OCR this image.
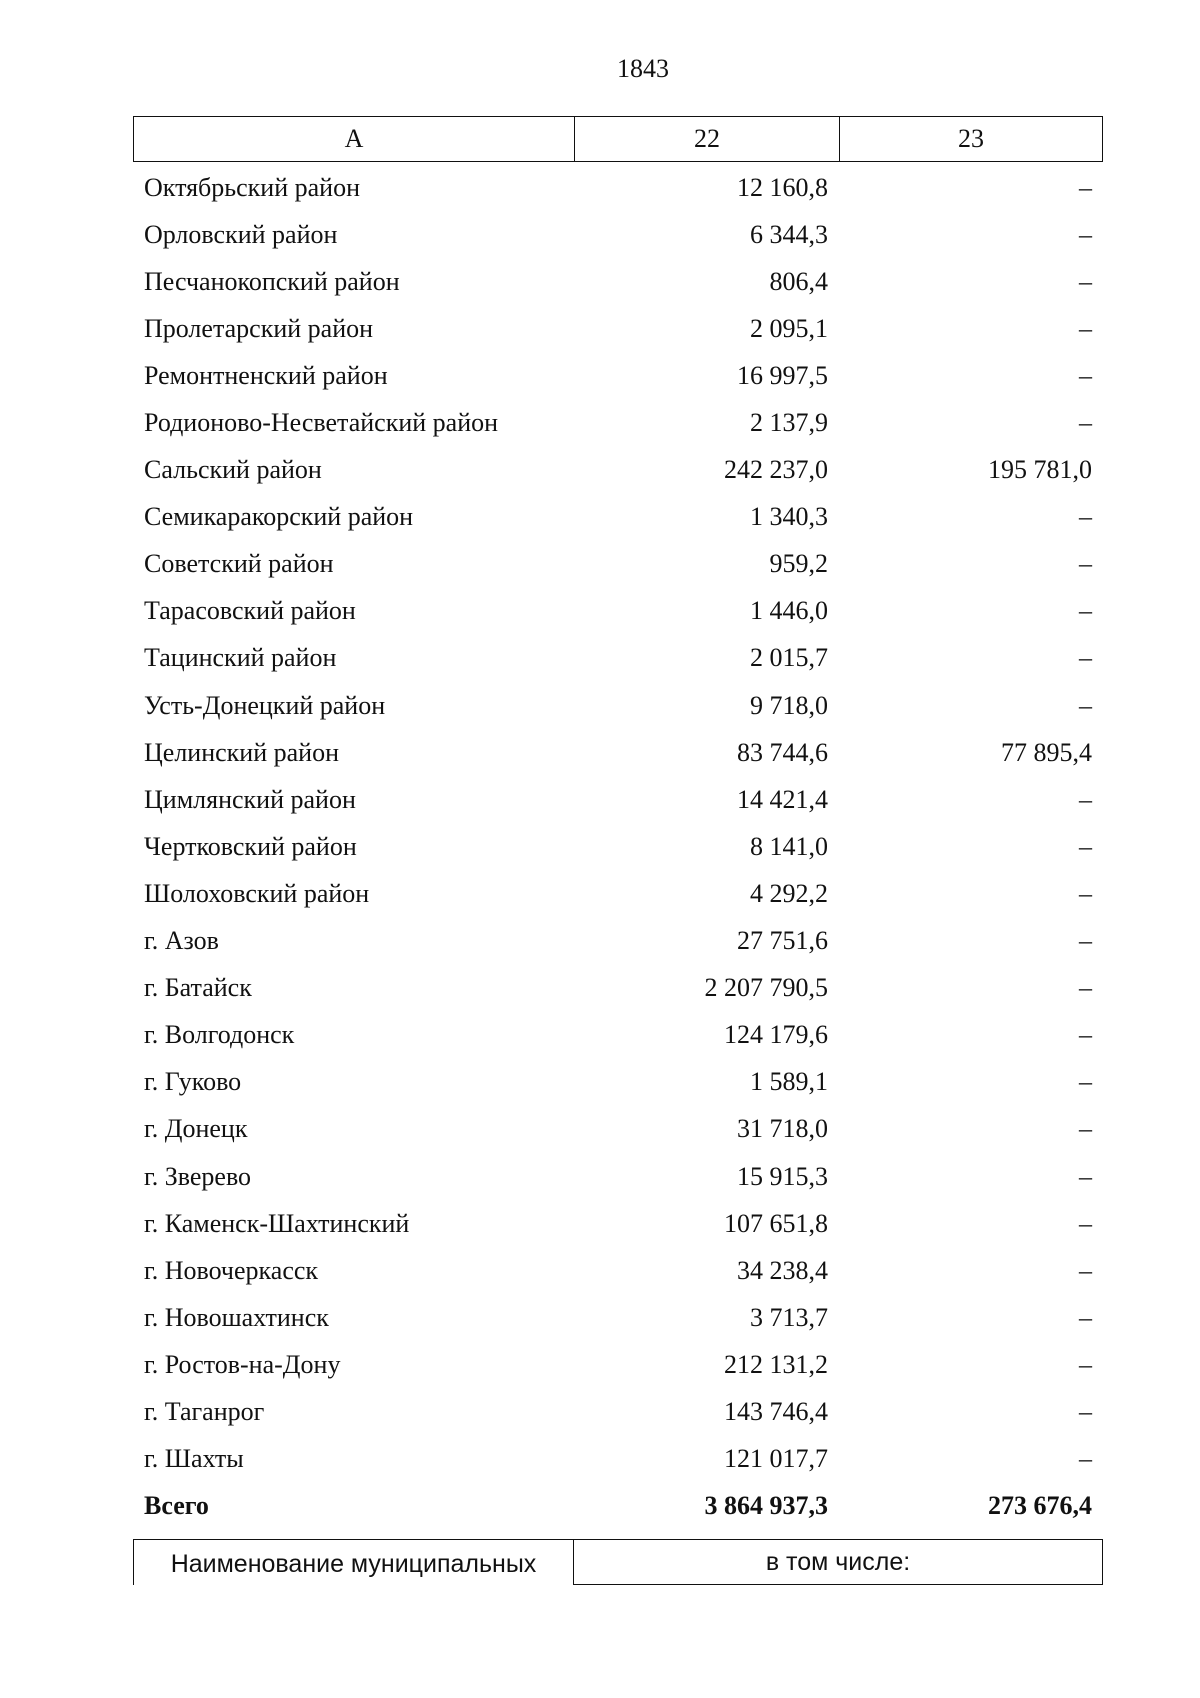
1843
А	22	23
Октябрьский район	12 160,8	–
Орловский район	6 344,3	–
Песчанокопский район	806,4	–
Пролетарский район	2 095,1	–
Ремонтненский район	16 997,5	–
Родионово-Несветайский район	2 137,9	–
Сальский район	242 237,0	195 781,0
Семикаракорский район	1 340,3	–
Советский район	959,2	–
Тарасовский район	1 446,0	–
Тацинский район	2 015,7	–
Усть-Донецкий район	9 718,0	–
Целинский район	83 744,6	77 895,4
Цимлянский район	14 421,4	–
Чертковский район	8 141,0	–
Шолоховский район	4 292,2	–
г. Азов	27 751,6	–
г. Батайск	2 207 790,5	–
г. Волгодонск	124 179,6	–
г. Гуково	1 589,1	–
г. Донецк	31 718,0	–
г. Зверево	15 915,3	–
г. Каменск-Шахтинский	107 651,8	–
г. Новочеркасск	34 238,4	–
г. Новошахтинск	3 713,7	–
г. Ростов-на-Дону	212 131,2	–
г. Таганрог	143 746,4	–
г. Шахты	121 017,7	–
Всего	3 864 937,3	273 676,4
Наименование муниципальных	в том числе:
